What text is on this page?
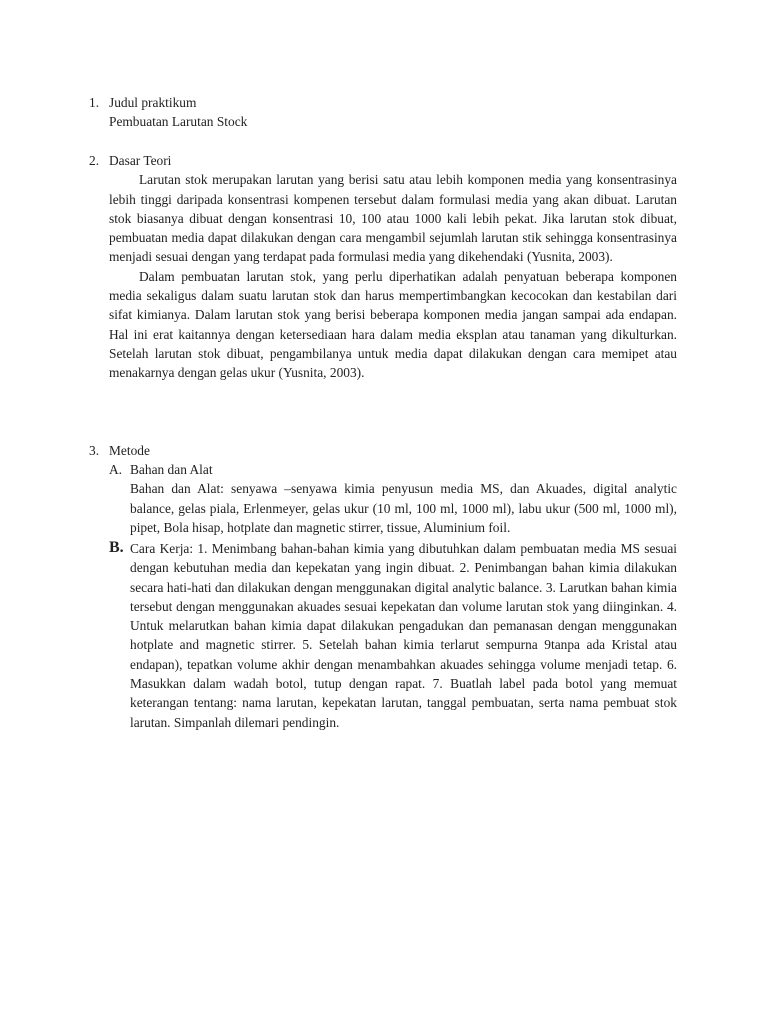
1. Judul praktikum
Pembuatan Larutan Stock
2. Dasar Teori

Larutan stok merupakan larutan yang berisi satu atau lebih komponen media yang konsentrasinya lebih tinggi daripada konsentrasi kompenen tersebut dalam formulasi media yang akan dibuat. Larutan stok biasanya dibuat dengan konsentrasi 10, 100 atau 1000 kali lebih pekat. Jika larutan stok dibuat, pembuatan media dapat dilakukan dengan cara mengambil sejumlah larutan stik sehingga konsentrasinya menjadi sesuai dengan yang terdapat pada formulasi media yang dikehendaki (Yusnita, 2003).

Dalam pembuatan larutan stok, yang perlu diperhatikan adalah penyatuan beberapa komponen media sekaligus dalam suatu larutan stok dan harus mempertimbangkan kecocokan dan kestabilan dari sifat kimianya. Dalam larutan stok yang berisi beberapa komponen media jangan sampai ada endapan. Hal ini erat kaitannya dengan ketersediaan hara dalam media eksplan atau tanaman yang dikulturkan. Setelah larutan stok dibuat, pengambilanya untuk media dapat dilakukan dengan cara memipet atau menakarnya dengan gelas ukur (Yusnita, 2003).

3. Metode
A. Bahan dan Alat

Bahan dan Alat: senyawa –senyawa kimia penyusun media MS, dan Akuades, digital analytic balance, gelas piala, Erlenmeyer, gelas ukur (10 ml, 100 ml, 1000 ml), labu ukur (500 ml, 1000 ml), pipet, Bola hisap, hotplate dan magnetic stirrer, tissue, Aluminium foil.

B. Cara Kerja: 1. Menimbang bahan-bahan kimia yang dibutuhkan dalam pembuatan media MS sesuai dengan kebutuhan media dan kepekatan yang ingin dibuat. 2. Penimbangan bahan kimia dilakukan secara hati-hati dan dilakukan dengan menggunakan digital analytic balance. 3. Larutkan bahan kimia tersebut dengan menggunakan akuades sesuai kepekatan dan volume larutan stok yang diinginkan. 4. Untuk melarutkan bahan kimia dapat dilakukan pengadukan dan pemanasan dengan menggunakan hotplate and magnetic stirrer. 5. Setelah bahan kimia terlarut sempurna 9tanpa ada Kristal atau endapan), tepatkan volume akhir dengan menambahkan akuades sehingga volume menjadi tetap. 6. Masukkan dalam wadah botol, tutup dengan rapat. 7. Buatlah label pada botol yang memuat keterangan tentang: nama larutan, kepekatan larutan, tanggal pembuatan, serta nama pembuat stok larutan. Simpanlah dilemari pendingin.
